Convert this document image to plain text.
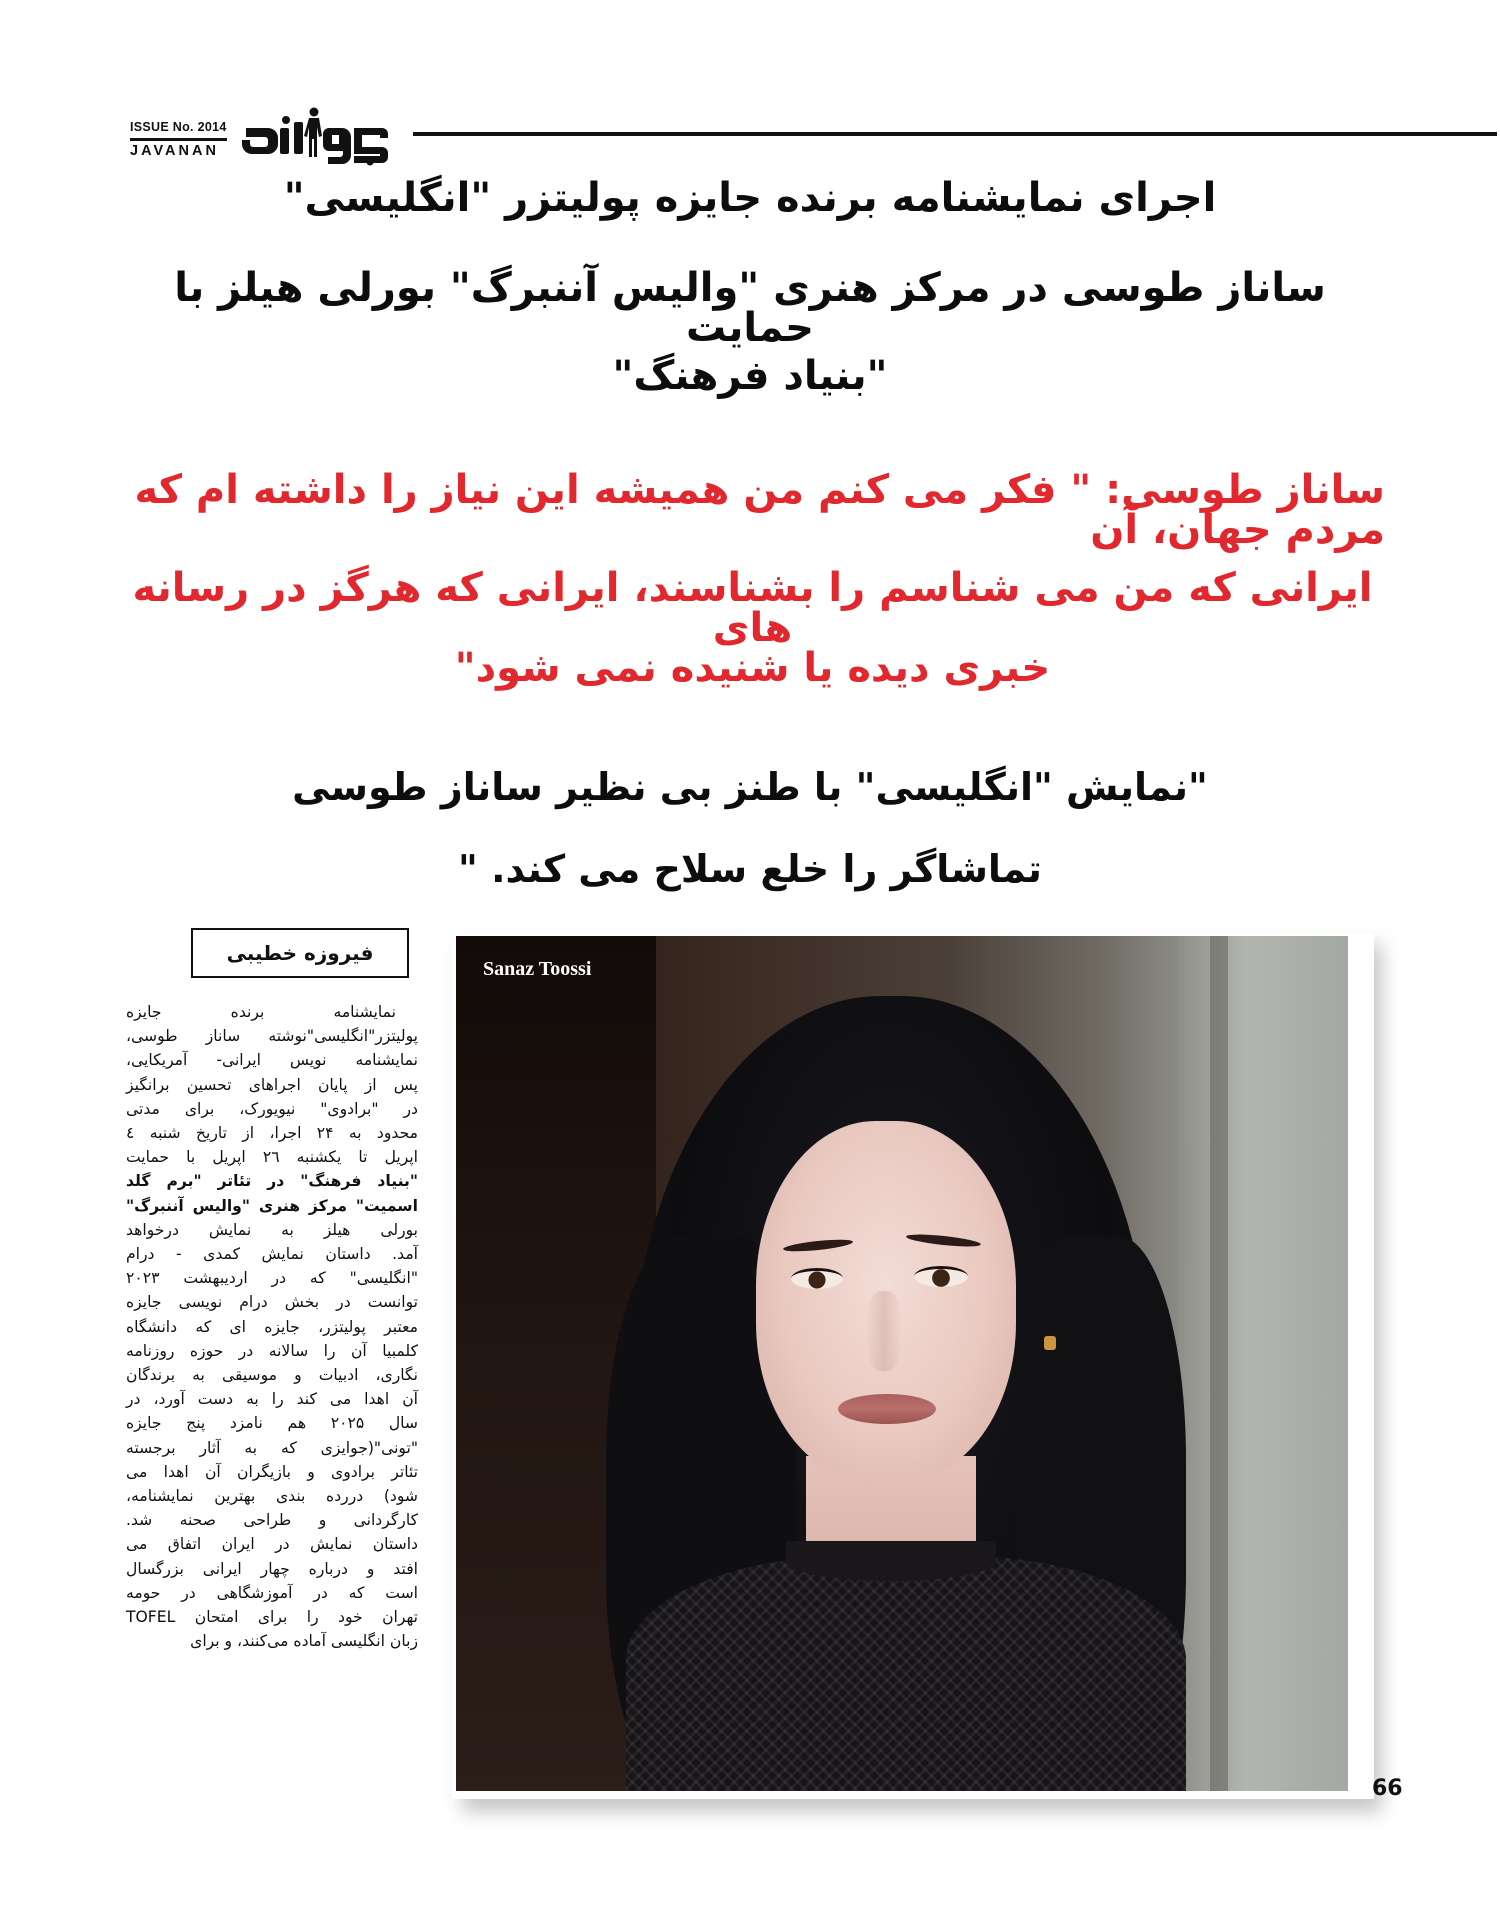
ISSUE No. 2014
JAVANAN
اجرای نمایشنامه برنده جایزه پولیتزر "انگلیسی"
ساناز طوسی در مرکز هنری "والیس آننبرگ" بورلی هیلز با حمایت
"بنیاد فرهنگ"
ساناز طوسی: " فکر می کنم من همیشه این نیاز را داشته ام که مردم جهان، آن
ایرانی که من می شناسم را بشناسند، ایرانی که هرگز در رسانه های
خبری دیده یا شنیده نمی شود"
"نمایش "انگلیسی" با طنز بی نظیر ساناز طوسی
تماشاگر را خلع سلاح می کند. "
فیروزه خطیبی
نمایشنامه برنده جایزه
پولیتزر"انگلیسی"نوشته ساناز طوسی،
نمایشنامه نویس ایرانی- آمریکایی،
پس از پایان اجراهای تحسین برانگیز
در "برادوی" نیویورک، برای مدتی
محدود به ۲۴ اجرا، از تاریخ شنبه ٤
اپریل تا یکشنبه ۲٦ اپریل با حمایت
"بنیاد فرهنگ" در تئاتر "برم گلد
اسمیت" مرکز هنری "والیس آننبرگ"
بورلی هیلز به نمایش درخواهد
آمد. داستان نمایش کمدی - درام
"انگلیسی" که در اردیبهشت ۲۰۲۳
توانست در بخش درام نویسی جایزه
معتبر پولیتزر، جایزه ای که دانشگاه
کلمبیا آن را سالانه در حوزه روزنامه
نگاری، ادبیات و موسیقی به برندگان
آن اهدا می کند را به دست آورد، در
سال ۲۰۲۵ هم نامزد پنج جایزه
"تونی"(جوایزی که به آثار برجسته
تئاتر برادوی و بازیگران آن اهدا می
شود) دررده بندی بهترین نمایشنامه،
کارگردانی و طراحی صحنه شد.
داستان نمایش در ایران اتفاق می
افتد و درباره چهار ایرانی بزرگسال
است که در آموزشگاهی در حومه
تهران خود را برای امتحان TOFEL
زبان انگلیسی آماده می‌کنند، و برای
Sanaz Toossi
66
